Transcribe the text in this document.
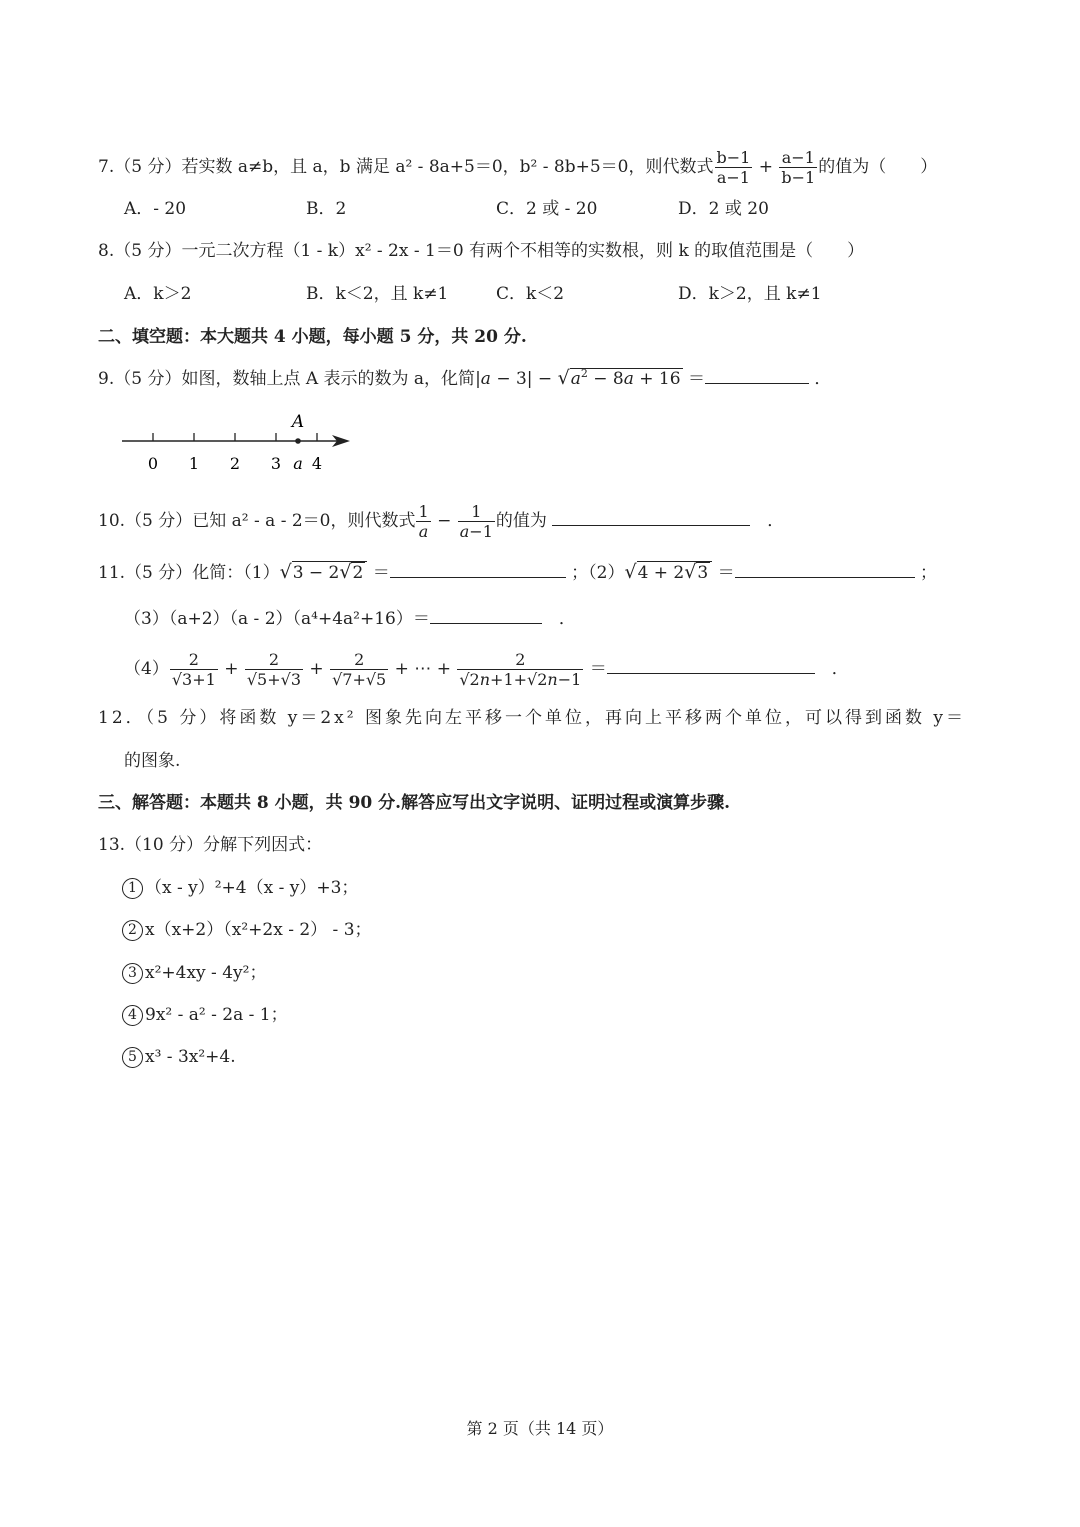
7.（5 分）若实数 a≠b，且 a，b 满足 a² - 8a+5＝0，b² - 8b+5＝0，则代数式 $\frac{b-1}{a-1} + \frac{a-1}{b-1}$ 的值为（　　）
A．- 20	B．2	C．2 或 - 20	D．2 或 20
8.（5 分）一元二次方程（1 - k）x² - 2x - 1＝0 有两个不相等的实数根，则 k 的取值范围是（　　）
A．k＞2	B．k＜2，且 k≠1	C．k＜2	D．k＞2，且 k≠1
二、填空题：本大题共 4 小题，每小题 5 分，共 20 分.
9.（5 分）如图，数轴上点 A 表示的数为 a，化简$|a - 3| - √a^2 - 8a + 16$ ＝	．
A
0 1 2 3 a 4
10.（5 分）已知 a² - a - 2＝0，则代数式 $\frac{1}{a} - \frac{1}{a-1}$ 的值为 　	．
11.（5 分）化简：（1）√3 − 2√2 ＝	；（2）√4 + 2√3 ＝	；
（3）（a+2）（a - 2）（a⁴+4a²+16）＝　	．
$(4) \frac{2}{√3+1} + \frac{2}{√5+√3} + \frac{2}{√7+√5}$ + ⋯ + $\frac{2}{√2n+1+√2n-1}$ ＝　	．
12．（5 分）将函数 y＝2x² 图象先向左平移一个单位，再向上平移两个单位，可以得到函数 y＝
的图象.
三、解答题：本题共 8 小题，共 90 分.解答应写出文字说明、证明过程或演算步骤.
13.（10 分）分解下列因式：
1 （x - y）²+4（x - y）+3；
2 x（x+2）（x²+2x - 2） - 3；
3 x²+4xy - 4y²；
4 9x² - a² - 2a - 1；
5 x³ - 3x²+4.
第 2 页（共 14 页）
